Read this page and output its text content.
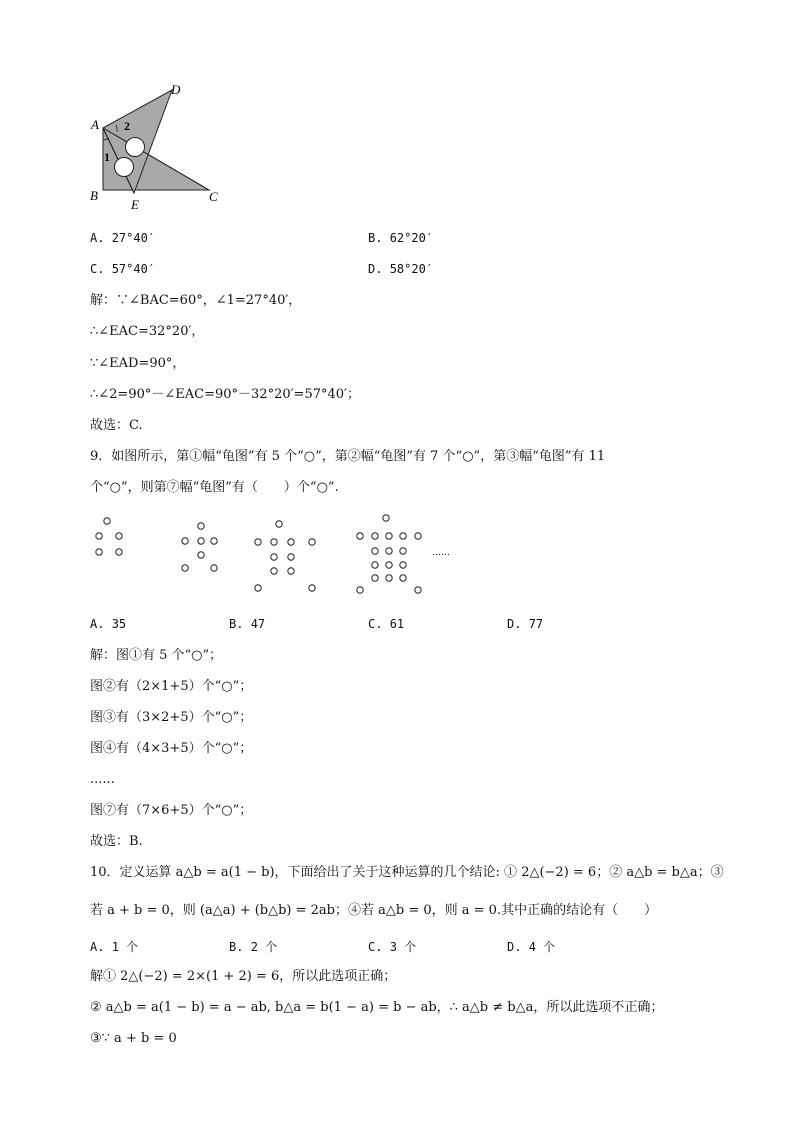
A
B	C
D
E
1
2
A. 27°40′	B. 62°20′
C. 57°40′	D. 58°20′
解：∵∠BAC=60°，∠1=27°40′，
∴∠EAC=32°20′，
∵∠EAD=90°，
∴∠2=90°－∠EAC=90°－32°20′=57°40′；
故选：C.
9．如图所示，第①幅“龟图”有 5 个“○”，第②幅“龟图”有 7 个“○”，第③幅“龟图”有 11
个“○”，则第⑦幅“龟图”有（　　）个“○”.
……
A. 35	B. 47	C. 61	D. 77
解：图①有 5 个“○”；
图②有（2×1+5）个“○”；
图③有（3×2+5）个“○”；
图④有（4×3+5）个“○”；
......
图⑦有（7×6+5）个“○”；
故选：B.
10．定义运算 a△b = a(1 − b)，下面给出了关于这种运算的几个结论: ① 2△(−2) = 6；② a△b = b△a；③
若 a + b = 0，则 (a△a) + (b△b) = 2ab；④若 a△b = 0，则 a = 0.其中正确的结论有（　　）
A. 1 个	B. 2 个	C. 3 个	D. 4 个
解① 2△(−2) = 2×(1 + 2) = 6，所以此选项正确；
② a△b = a(1 − b) = a − ab, b△a = b(1 − a) = b − ab，∴ a△b ≠ b△a，所以此选项不正确；
③∵ a + b = 0
